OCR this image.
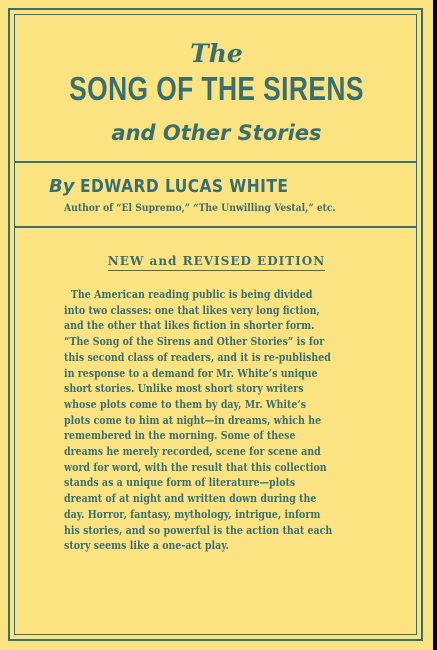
The
SONG OF THE SIRENS
and Other Stories
By EDWARD LUCAS WHITE
Author of “El Supremo,” “The Unwilling Vestal,” etc.
NEW and REVISED EDITION
The American reading public is being divided
into two classes: one that likes very long fiction,
and the other that likes fiction in shorter form.
“The Song of the Sirens and Other Stories” is for
this second class of readers, and it is re-published
in response to a demand for Mr. White’s unique
short stories. Unlike most short story writers
whose plots come to them by day, Mr. White’s
plots come to him at night—in dreams, which he
remembered in the morning. Some of these
dreams he merely recorded, scene for scene and
word for word, with the result that this collection
stands as a unique form of literature—plots
dreamt of at night and written down during the
day. Horror, fantasy, mythology, intrigue, inform
his stories, and so powerful is the action that each
story seems like a one-act play.
